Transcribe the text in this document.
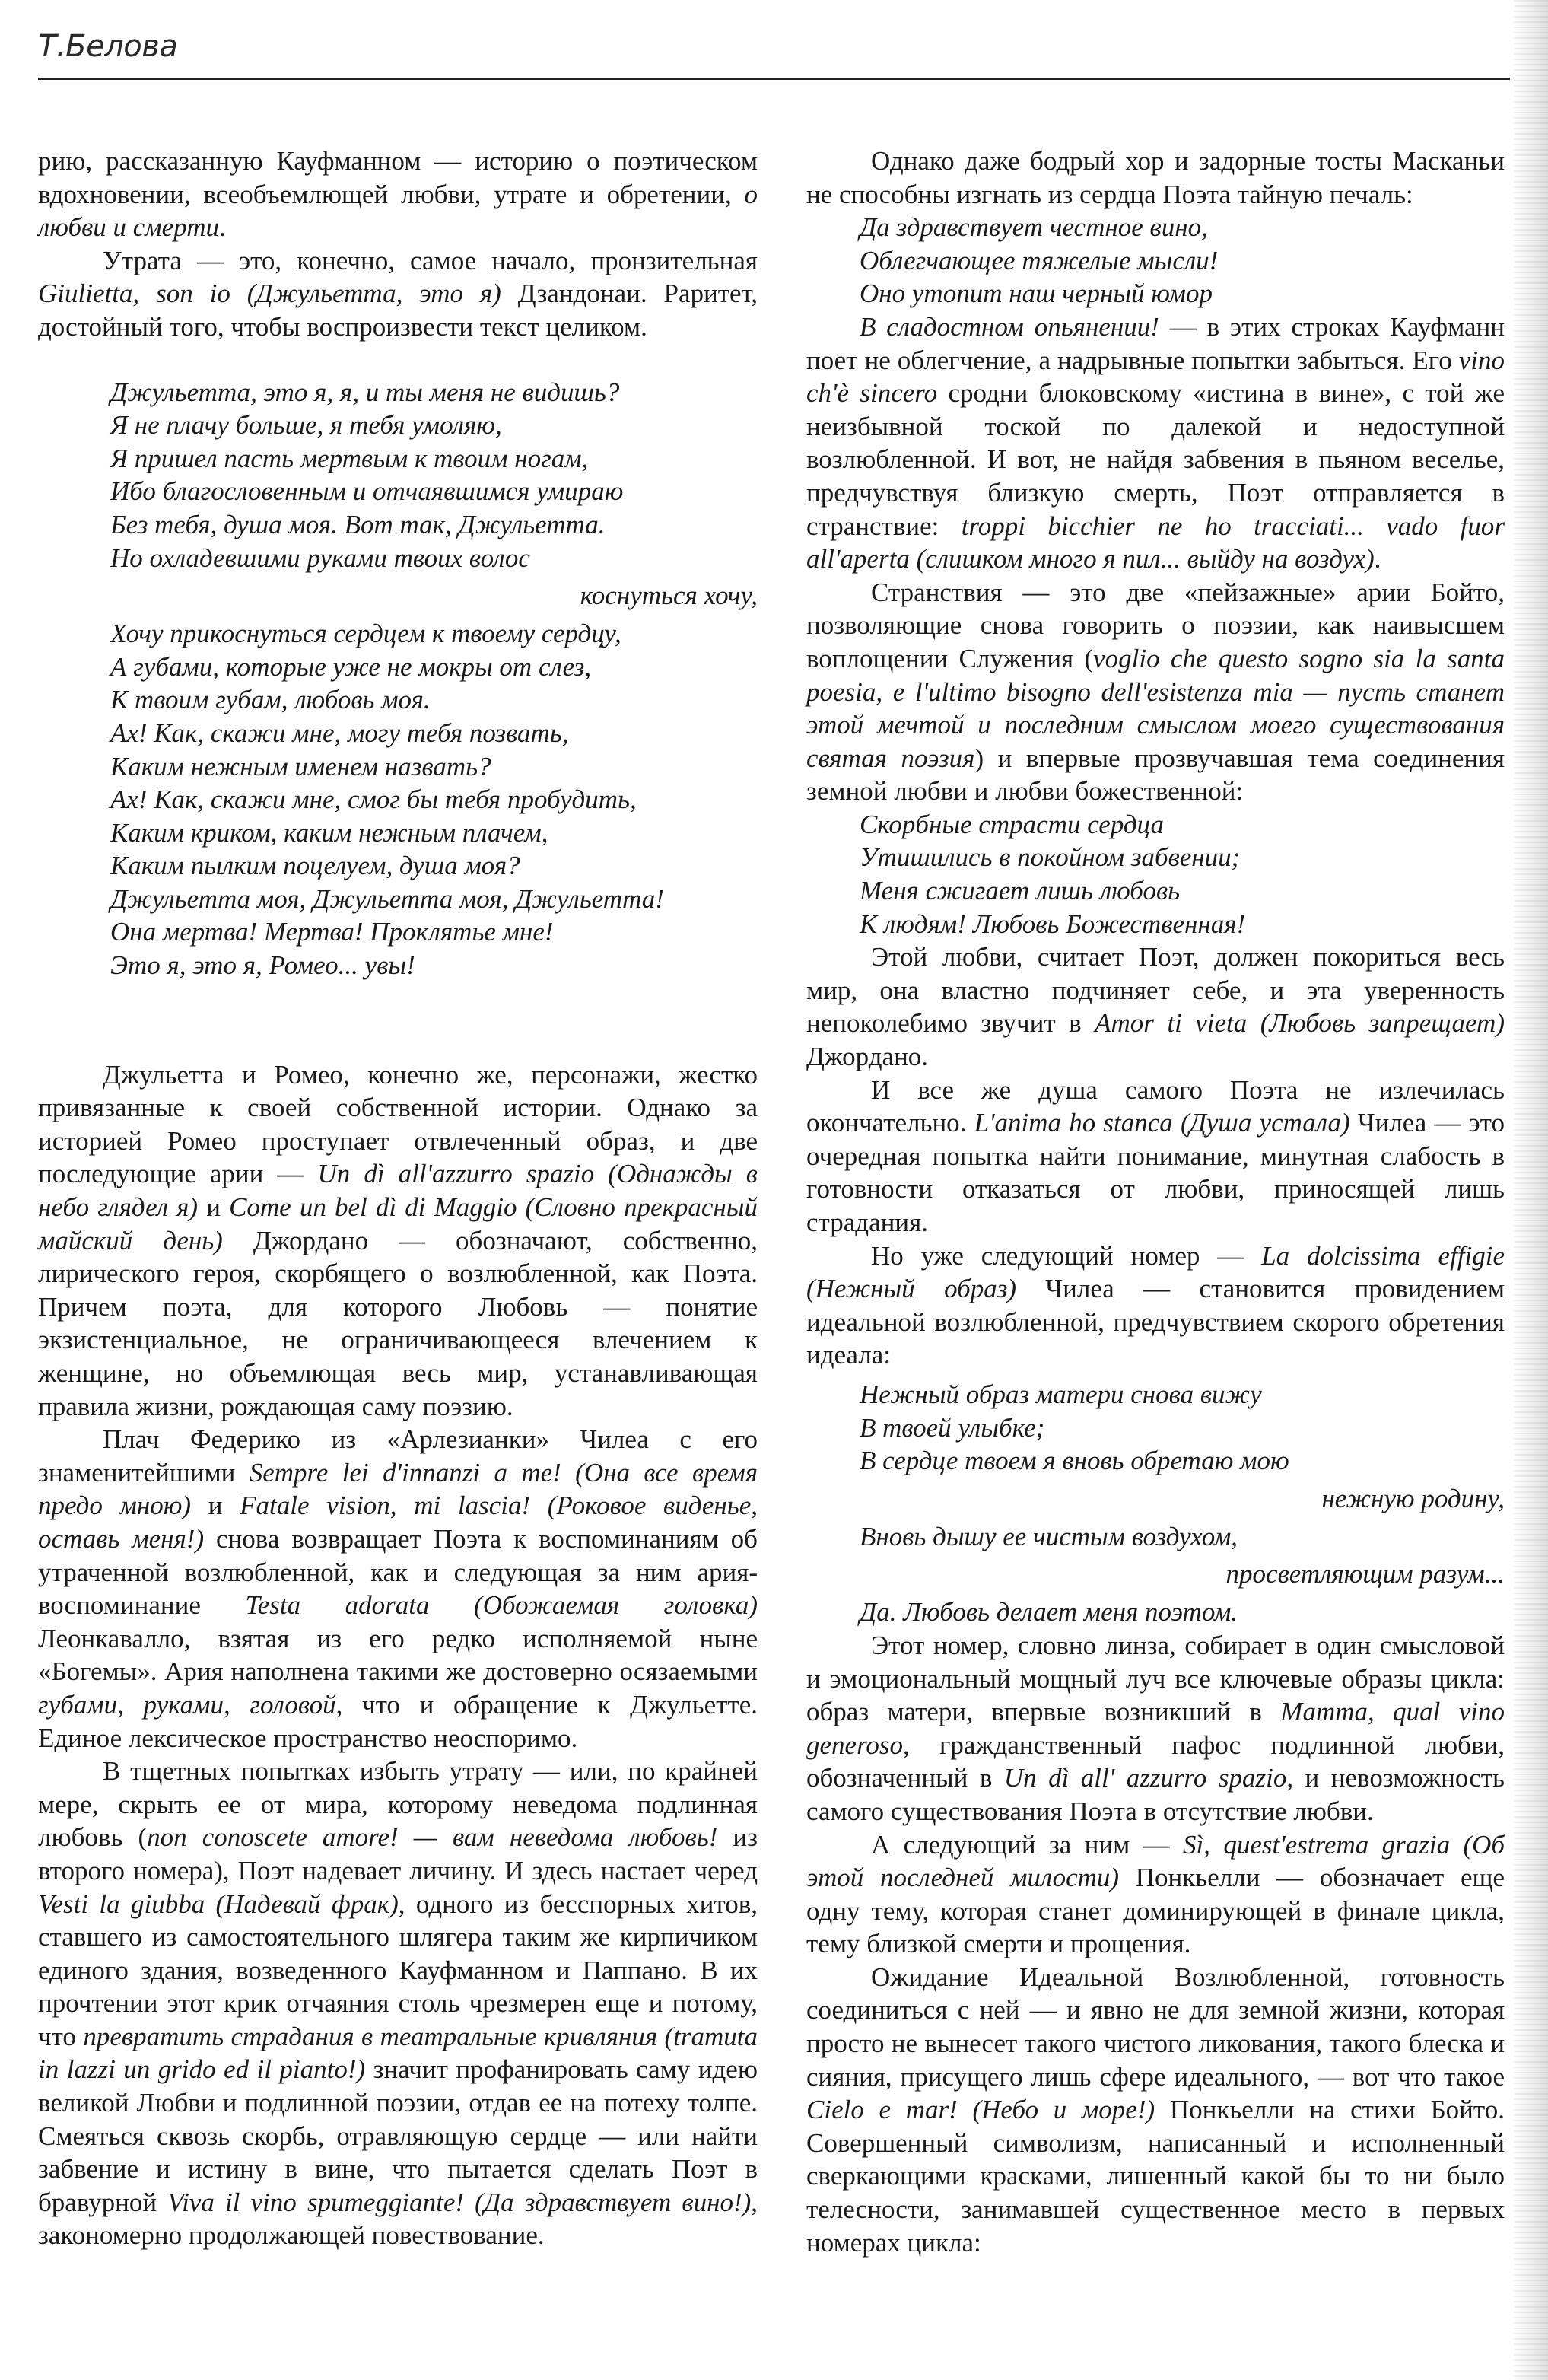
Т.Белова

рию, рассказанную Кауфманном — историю о поэтическом вдохновении, всеобъемлющей любви, утрате и обретении, о любви и смерти.

Утрата — это, конечно, самое начало, пронзительная Giulietta, son io (Джульетта, это я) Дзандонаи. Раритет, достойный того, чтобы воспроизвести текст целиком.

Джульетта, это я, я, и ты меня не видишь?
Я не плачу больше, я тебя умоляю,
Я пришел пасть мертвым к твоим ногам,
Ибо благословенным и отчаявшимся умираю
Без тебя, душа моя. Вот так, Джульетта.
Но охладевшими руками твоих волос
коснуться хочу,
Хочу прикоснуться сердцем к твоему сердцу,
А губами, которые уже не мокры от слез,
К твоим губам, любовь моя.
Ах! Как, скажи мне, могу тебя позвать,
Каким нежным именем назвать?
Ах! Как, скажи мне, смог бы тебя пробудить,
Каким криком, каким нежным плачем,
Каким пылким поцелуем, душа моя?
Джульетта моя, Джульетта моя, Джульетта!
Она мертва! Мертва! Проклятье мне!
Это я, это я, Ромео... увы!

Джульетта и Ромео, конечно же, персонажи, жестко привязанные к своей собственной истории. Однако за историей Ромео проступает отвлеченный образ, и две последующие арии — Un dì all'azzurro spazio (Однажды в небо глядел я) и Come un bel dì di Maggio (Словно прекрасный майский день) Джордано — обозначают, собственно, лирического героя, скорбящего о возлюбленной, как Поэта. Причем поэта, для которого Любовь — понятие экзистенциальное, не ограничивающееся влечением к женщине, но объемлющая весь мир, устанавливающая правила жизни, рождающая саму поэзию.

Плач Федерико из «Арлезианки» Чилеа с его знаменитейшими Sempre lei d'innanzi a me! (Она все время предо мною) и Fatale vision, mi lascia! (Роковое виденье, оставь меня!) снова возвращает Поэта к воспоминаниям об утраченной возлюбленной, как и следующая за ним ария-воспоминание Testa adorata (Обожаемая головка) Леонкавалло, взятая из его редко исполняемой ныне «Богемы». Ария наполнена такими же достоверно осязаемыми губами, руками, головой, что и обращение к Джульетте. Единое лексическое пространство неоспоримо.

В тщетных попытках избыть утрату — или, по крайней мере, скрыть ее от мира, которому неведома подлинная любовь (non conoscete amore! — вам неведома любовь! из второго номера), Поэт надевает личину. И здесь настает черед Vesti la giubba (Надевай фрак), одного из бесспорных хитов, ставшего из самостоятельного шлягера таким же кирпичиком единого здания, возведенного Кауфманном и Паппано. В их прочтении этот крик отчаяния столь чрезмерен еще и потому, что превратить страдания в театральные кривляния (tramuta in lazzi un grido ed il pianto!) значит профанировать саму идею великой Любви и подлинной поэзии, отдав ее на потеху толпе. Смеяться сквозь скорбь, отравляющую сердце — или найти забвение и истину в вине, что пытается сделать Поэт в бравурной Viva il vino spumeggiante! (Да здравствует вино!), закономерно продолжающей повествование.

Однако даже бодрый хор и задорные тосты Масканьи не способны изгнать из сердца Поэта тайную печаль:

Да здравствует честное вино,
Облегчающее тяжелые мысли!
Оно утопит наш черный юмор

В сладостном опьянении! — в этих строках Кауфманн поет не облегчение, а надрывные попытки забыться. Его vino ch'è sincero сродни блоковскому «истина в вине», с той же неизбывной тоской по далекой и недоступной возлюбленной. И вот, не найдя забвения в пьяном веселье, предчувствуя близкую смерть, Поэт отправляется в странствие: troppi bicchier ne ho tracciati... vado fuor all'aperta (слишком много я пил... выйду на воздух).

Странствия — это две «пейзажные» арии Бойто, позволяющие снова говорить о поэзии, как наивысшем воплощении Служения (voglio che questo sogno sia la santa poesia, e l'ultimo bisogno dell'esistenza mia — пусть станет этой мечтой и последним смыслом моего существования святая поэзия) и впервые прозвучавшая тема соединения земной любви и любви божественной:

Скорбные страсти сердца
Утишились в покойном забвении;
Меня сжигает лишь любовь
К людям! Любовь Божественная!

Этой любви, считает Поэт, должен покориться весь мир, она властно подчиняет себе, и эта уверенность непоколебимо звучит в Amor ti vieta (Любовь запрещает) Джордано.

И все же душа самого Поэта не излечилась окончательно. L'anima ho stanca (Душа устала) Чилеа — это очередная попытка найти понимание, минутная слабость в готовности отказаться от любви, приносящей лишь страдания.

Но уже следующий номер — La dolcissima effigie (Нежный образ) Чилеа — становится провидением идеальной возлюбленной, предчувствием скорого обретения идеала:

Нежный образ матери снова вижу
В твоей улыбке;
В сердце твоем я вновь обретаю мою
нежную родину,
Вновь дышу ее чистым воздухом,
просветляющим разум...
Да. Любовь делает меня поэтом.

Этот номер, словно линза, собирает в один смысловой и эмоциональный мощный луч все ключевые образы цикла: образ матери, впервые возникший в Mamma, qual vino generoso, гражданственный пафос подлинной любви, обозначенный в Un dì all' azzurro spazio, и невозможность самого существования Поэта в отсутствие любви.

А следующий за ним — Sì, quest'estrema grazia (Об этой последней милости) Понкьелли — обозначает еще одну тему, которая станет доминирующей в финале цикла, тему близкой смерти и прощения.

Ожидание Идеальной Возлюбленной, готовность соединиться с ней — и явно не для земной жизни, которая просто не вынесет такого чистого ликования, такого блеска и сияния, присущего лишь сфере идеального, — вот что такое Cielo e mar! (Небо и море!) Понкьелли на стихи Бойто. Совершенный символизм, написанный и исполненный сверкающими красками, лишенный какой бы то ни было телесности, занимавшей существенное место в первых номерах цикла:
